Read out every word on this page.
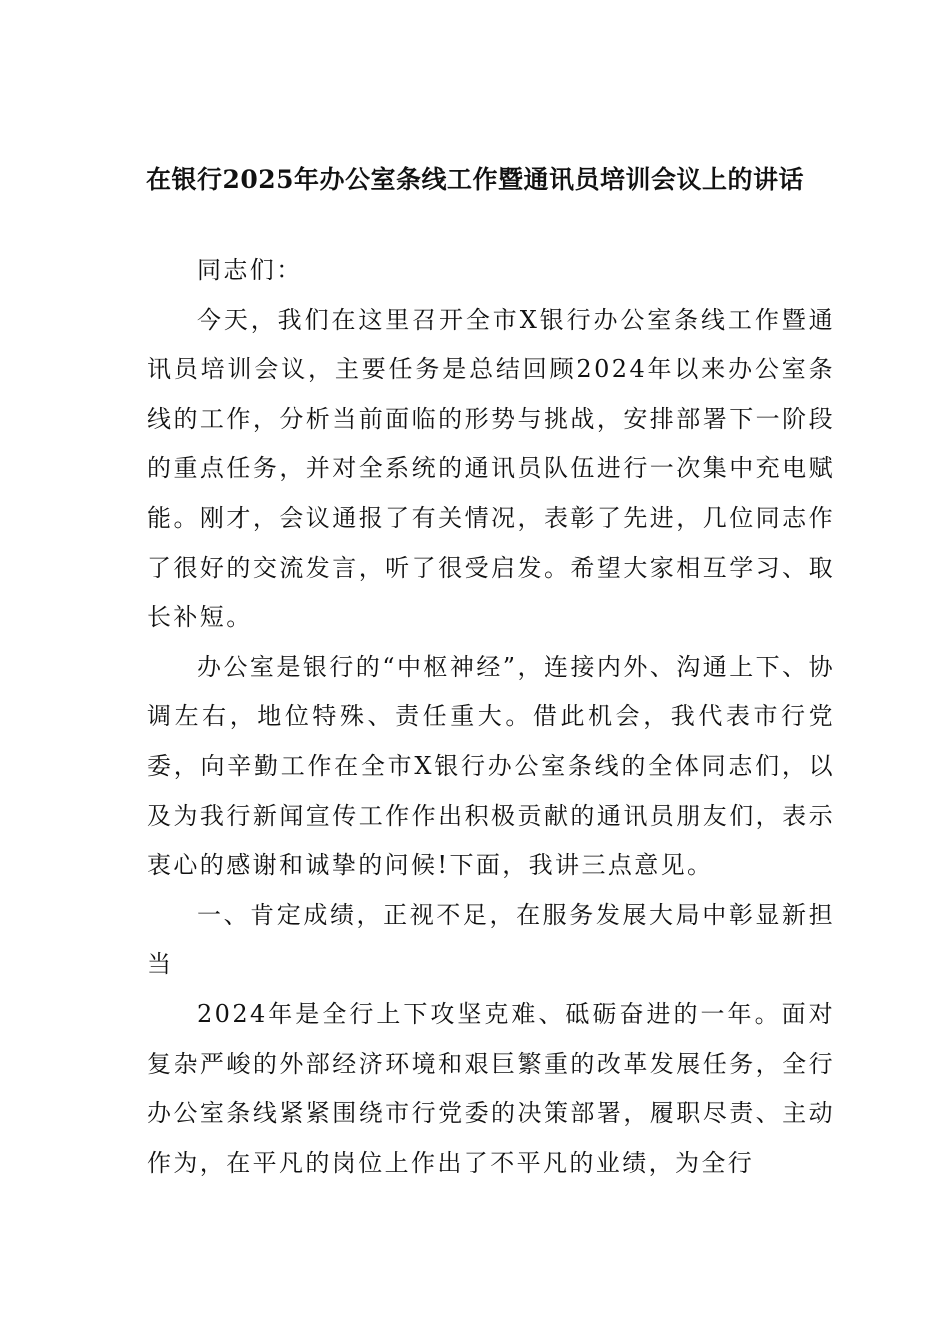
在银行2025年办公室条线工作暨通讯员培训会议上的讲话

同志们：

今天，我们在这里召开全市X银行办公室条线工作暨通讯员培训会议，主要任务是总结回顾2024年以来办公室条线的工作，分析当前面临的形势与挑战，安排部署下一阶段的重点任务，并对全系统的通讯员队伍进行一次集中充电赋能。刚才，会议通报了有关情况，表彰了先进，几位同志作了很好的交流发言，听了很受启发。希望大家相互学习、取长补短。

办公室是银行的“中枢神经”，连接内外、沟通上下、协调左右，地位特殊、责任重大。借此机会，我代表市行党委，向辛勤工作在全市X银行办公室条线的全体同志们，以及为我行新闻宣传工作作出积极贡献的通讯员朋友们，表示衷心的感谢和诚挚的问候!下面，我讲三点意见。

一、肯定成绩，正视不足，在服务发展大局中彰显新担当

2024年是全行上下攻坚克难、砥砺奋进的一年。面对复杂严峻的外部经济环境和艰巨繁重的改革发展任务，全行办公室条线紧紧围绕市行党委的决策部署，履职尽责、主动作为，在平凡的岗位上作出了不平凡的业绩，为全行
